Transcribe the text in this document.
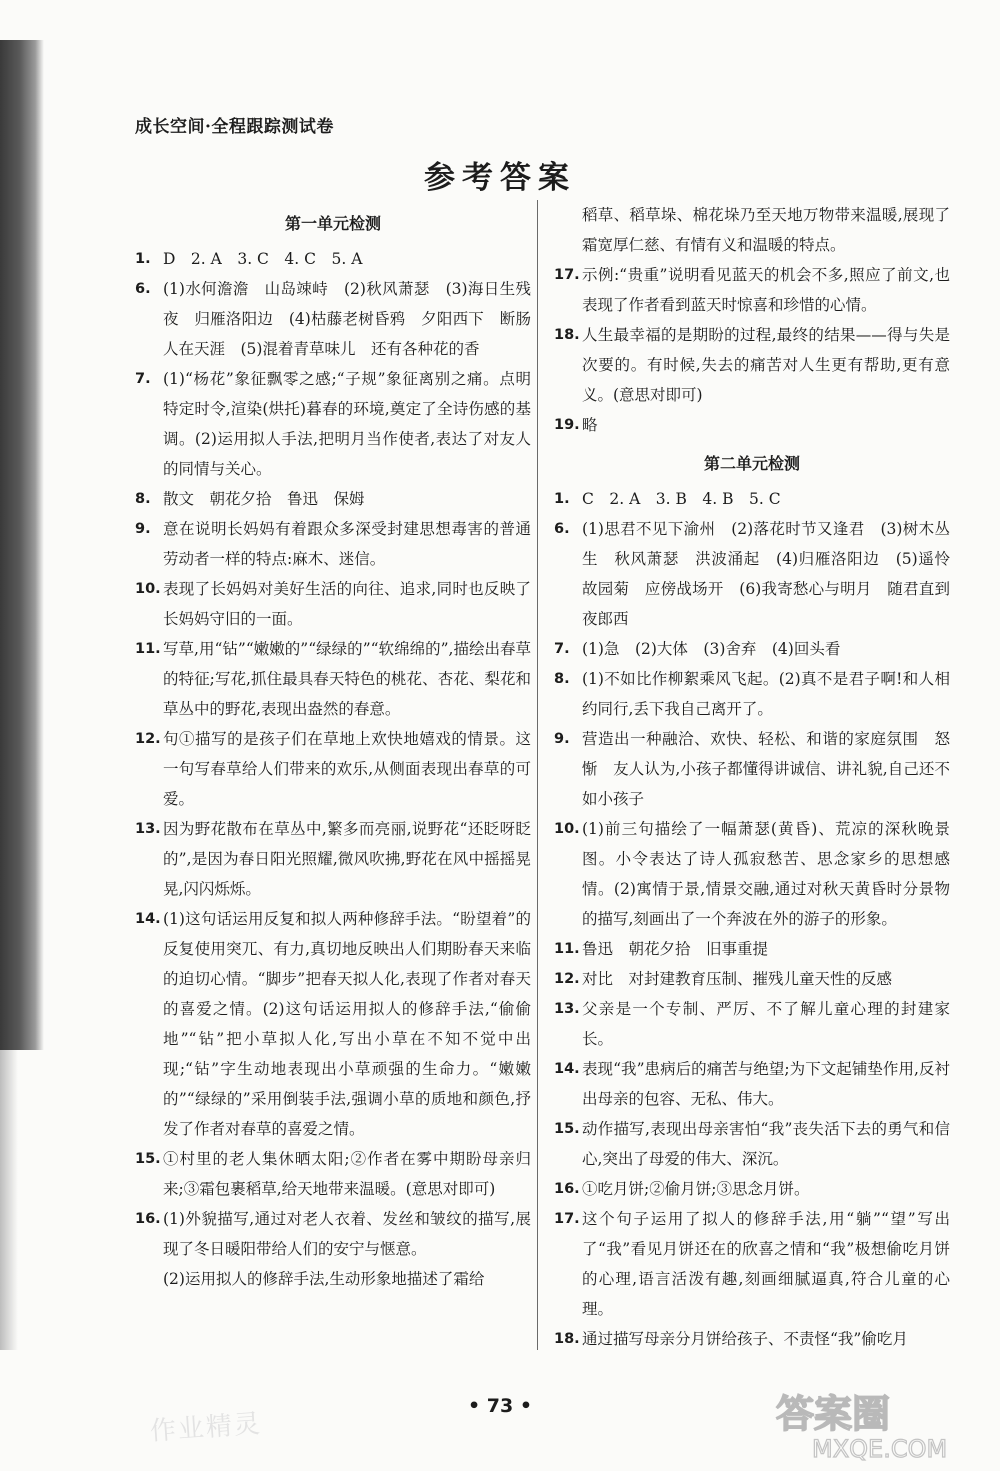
成长空间·全程跟踪测试卷
参考答案
第一单元检测
1. D　2. A　3. C　4. C　5. A
6. (1)水何澹澹　山岛竦峙　(2)秋风萧瑟　(3)海日生残夜　归雁洛阳边　(4)枯藤老树昏鸦　夕阳西下　断肠人在天涯　(5)混着青草味儿　还有各种花的香
7. (1)“杨花”象征飘零之感;“子规”象征离别之痛。点明特定时令,渲染(烘托)暮春的环境,奠定了全诗伤感的基调。(2)运用拟人手法,把明月当作使者,表达了对友人的同情与关心。
8. 散文　朝花夕拾　鲁迅　保姆
9. 意在说明长妈妈有着跟众多深受封建思想毒害的普通劳动者一样的特点:麻木、迷信。
10. 表现了长妈妈对美好生活的向往、追求,同时也反映了长妈妈守旧的一面。
11. 写草,用“钻”“嫩嫩的”“绿绿的”“软绵绵的”,描绘出春草的特征;写花,抓住最具春天特色的桃花、杏花、梨花和草丛中的野花,表现出盎然的春意。
12. 句①描写的是孩子们在草地上欢快地嬉戏的情景。这一句写春草给人们带来的欢乐,从侧面表现出春草的可爱。
13. 因为野花散布在草丛中,繁多而亮丽,说野花“还眨呀眨的”,是因为春日阳光照耀,微风吹拂,野花在风中摇摇晃晃,闪闪烁烁。
14. (1)这句话运用反复和拟人两种修辞手法。“盼望着”的反复使用突兀、有力,真切地反映出人们期盼春天来临的迫切心情。“脚步”把春天拟人化,表现了作者对春天的喜爱之情。(2)这句话运用拟人的修辞手法,“偷偷地”“钻”把小草拟人化,写出小草在不知不觉中出现;“钻”字生动地表现出小草顽强的生命力。“嫩嫩的”“绿绿的”采用倒装手法,强调小草的质地和颜色,抒发了作者对春草的喜爱之情。
15. ①村里的老人集休晒太阳;②作者在雾中期盼母亲归来;③霜包裹稻草,给天地带来温暖。(意思对即可)
16. (1)外貌描写,通过对老人衣着、发丝和皱纹的描写,展现了冬日暖阳带给人们的安宁与惬意。
(2)运用拟人的修辞手法,生动形象地描述了霜给
稻草、稻草垛、棉花垛乃至天地万物带来温暖,展现了霜宽厚仁慈、有情有义和温暖的特点。
17. 示例:“贵重”说明看见蓝天的机会不多,照应了前文,也表现了作者看到蓝天时惊喜和珍惜的心情。
18. 人生最幸福的是期盼的过程,最终的结果——得与失是次要的。有时候,失去的痛苦对人生更有帮助,更有意义。(意思对即可)
19. 略
第二单元检测
1. C　2. A　3. B　4. B　5. C
6. (1)思君不见下渝州　(2)落花时节又逢君　(3)树木丛生　秋风萧瑟　洪波涌起　(4)归雁洛阳边　(5)遥怜故园菊　应傍战场开　(6)我寄愁心与明月　随君直到夜郎西
7. (1)急　(2)大体　(3)舍弃　(4)回头看
8. (1)不如比作柳絮乘风飞起。(2)真不是君子啊!和人相约同行,丢下我自己离开了。
9. 营造出一种融洽、欢快、轻松、和谐的家庭氛围　怒惭　友人认为,小孩子都懂得讲诚信、讲礼貌,自己还不如小孩子
10. (1)前三句描绘了一幅萧瑟(黄昏)、荒凉的深秋晚景图。小令表达了诗人孤寂愁苦、思念家乡的思想感情。(2)寓情于景,情景交融,通过对秋天黄昏时分景物的描写,刻画出了一个奔波在外的游子的形象。
11. 鲁迅　朝花夕拾　旧事重提
12. 对比　对封建教育压制、摧残儿童天性的反感
13. 父亲是一个专制、严厉、不了解儿童心理的封建家长。
14. 表现“我”患病后的痛苦与绝望;为下文起铺垫作用,反衬出母亲的包容、无私、伟大。
15. 动作描写,表现出母亲害怕“我”丧失活下去的勇气和信心,突出了母爱的伟大、深沉。
16. ①吃月饼;②偷月饼;③思念月饼。
17. 这个句子运用了拟人的修辞手法,用“躺”“望”写出了“我”看见月饼还在的欣喜之情和“我”极想偷吃月饼的心理,语言活泼有趣,刻画细腻逼真,符合儿童的心理。
18. 通过描写母亲分月饼给孩子、不责怪“我”偷吃月
• 73 •
作业精灵	答案圈
MXQE.COM
